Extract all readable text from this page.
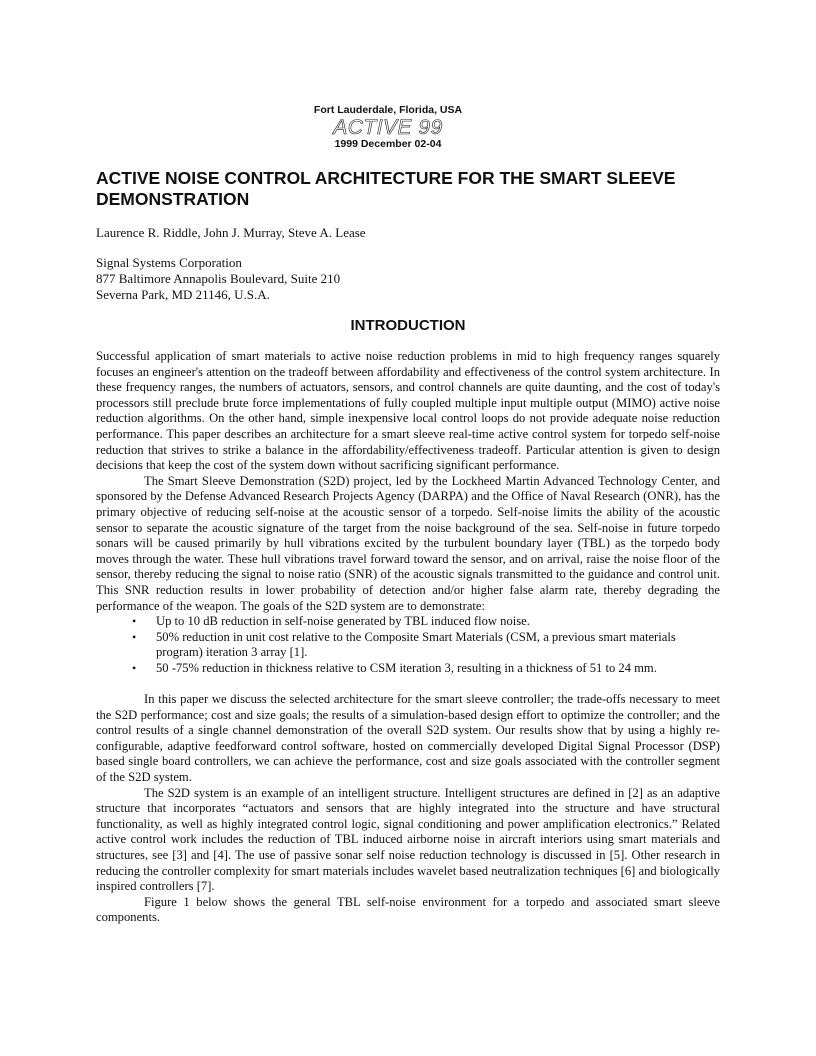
Fort Lauderdale, Florida, USA
ACTIVE 99
1999 December 02-04
ACTIVE NOISE CONTROL ARCHITECTURE FOR THE SMART SLEEVE DEMONSTRATION
Laurence R. Riddle, John J. Murray, Steve A. Lease
Signal Systems Corporation
877 Baltimore Annapolis Boulevard, Suite 210
Severna Park, MD 21146, U.S.A.
INTRODUCTION

Successful application of smart materials to active noise reduction problems in mid to high frequency ranges squarely focuses an engineer's attention on the tradeoff between affordability and effectiveness of the control system architecture. In these frequency ranges, the numbers of actuators, sensors, and control channels are quite daunting, and the cost of today's processors still preclude brute force implementations of fully coupled multiple input multiple output (MIMO) active noise reduction algorithms. On the other hand, simple inexpensive local control loops do not provide adequate noise reduction performance. This paper describes an architecture for a smart sleeve real-time active control system for torpedo self-noise reduction that strives to strike a balance in the affordability/effectiveness tradeoff. Particular attention is given to design decisions that keep the cost of the system down without sacrificing significant performance.

The Smart Sleeve Demonstration (S2D) project, led by the Lockheed Martin Advanced Technology Center, and sponsored by the Defense Advanced Research Projects Agency (DARPA) and the Office of Naval Research (ONR), has the primary objective of reducing self-noise at the acoustic sensor of a torpedo. Self-noise limits the ability of the acoustic sensor to separate the acoustic signature of the target from the noise background of the sea. Self-noise in future torpedo sonars will be caused primarily by hull vibrations excited by the turbulent boundary layer (TBL) as the torpedo body moves through the water. These hull vibrations travel forward toward the sensor, and on arrival, raise the noise floor of the sensor, thereby reducing the signal to noise ratio (SNR) of the acoustic signals transmitted to the guidance and control unit. This SNR reduction results in lower probability of detection and/or higher false alarm rate, thereby degrading the performance of the weapon. The goals of the S2D system are to demonstrate:

• Up to 10 dB reduction in self-noise generated by TBL induced flow noise.
• 50% reduction in unit cost relative to the Composite Smart Materials (CSM, a previous smart materials program) iteration 3 array [1].
• 50 -75% reduction in thickness relative to CSM iteration 3, resulting in a thickness of 51 to 24 mm.

In this paper we discuss the selected architecture for the smart sleeve controller; the trade-offs necessary to meet the S2D performance; cost and size goals; the results of a simulation-based design effort to optimize the controller; and the control results of a single channel demonstration of the overall S2D system. Our results show that by using a highly re-configurable, adaptive feedforward control software, hosted on commercially developed Digital Signal Processor (DSP) based single board controllers, we can achieve the performance, cost and size goals associated with the controller segment of the S2D system.

The S2D system is an example of an intelligent structure. Intelligent structures are defined in [2] as an adaptive structure that incorporates “actuators and sensors that are highly integrated into the structure and have structural functionality, as well as highly integrated control logic, signal conditioning and power amplification electronics.” Related active control work includes the reduction of TBL induced airborne noise in aircraft interiors using smart materials and structures, see [3] and [4]. The use of passive sonar self noise reduction technology is discussed in [5]. Other research in reducing the controller complexity for smart materials includes wavelet based neutralization techniques [6] and biologically inspired controllers [7].

Figure 1 below shows the general TBL self-noise environment for a torpedo and associated smart sleeve components.
